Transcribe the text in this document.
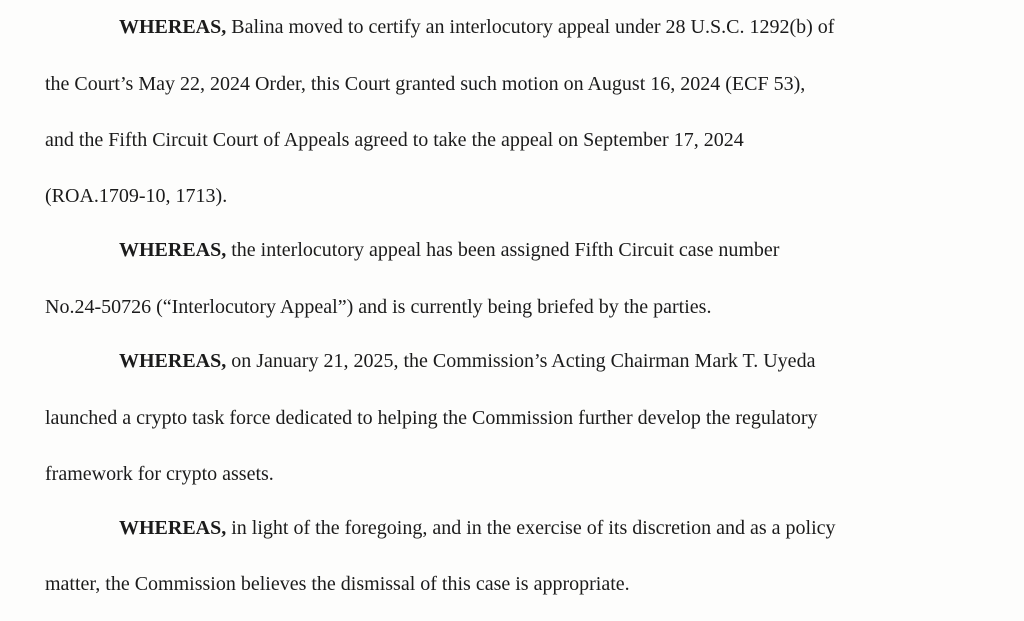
WHEREAS, Balina moved to certify an interlocutory appeal under 28 U.S.C. 1292(b) of
the Court’s May 22, 2024 Order, this Court granted such motion on August 16, 2024 (ECF 53),
and the Fifth Circuit Court of Appeals agreed to take the appeal on September 17, 2024
(ROA.1709-10, 1713).
WHEREAS, the interlocutory appeal has been assigned Fifth Circuit case number
No.24-50726 (“Interlocutory Appeal”) and is currently being briefed by the parties.
WHEREAS, on January 21, 2025, the Commission’s Acting Chairman Mark T. Uyeda
launched a crypto task force dedicated to helping the Commission further develop the regulatory
framework for crypto assets.
WHEREAS, in light of the foregoing, and in the exercise of its discretion and as a policy
matter, the Commission believes the dismissal of this case is appropriate.
